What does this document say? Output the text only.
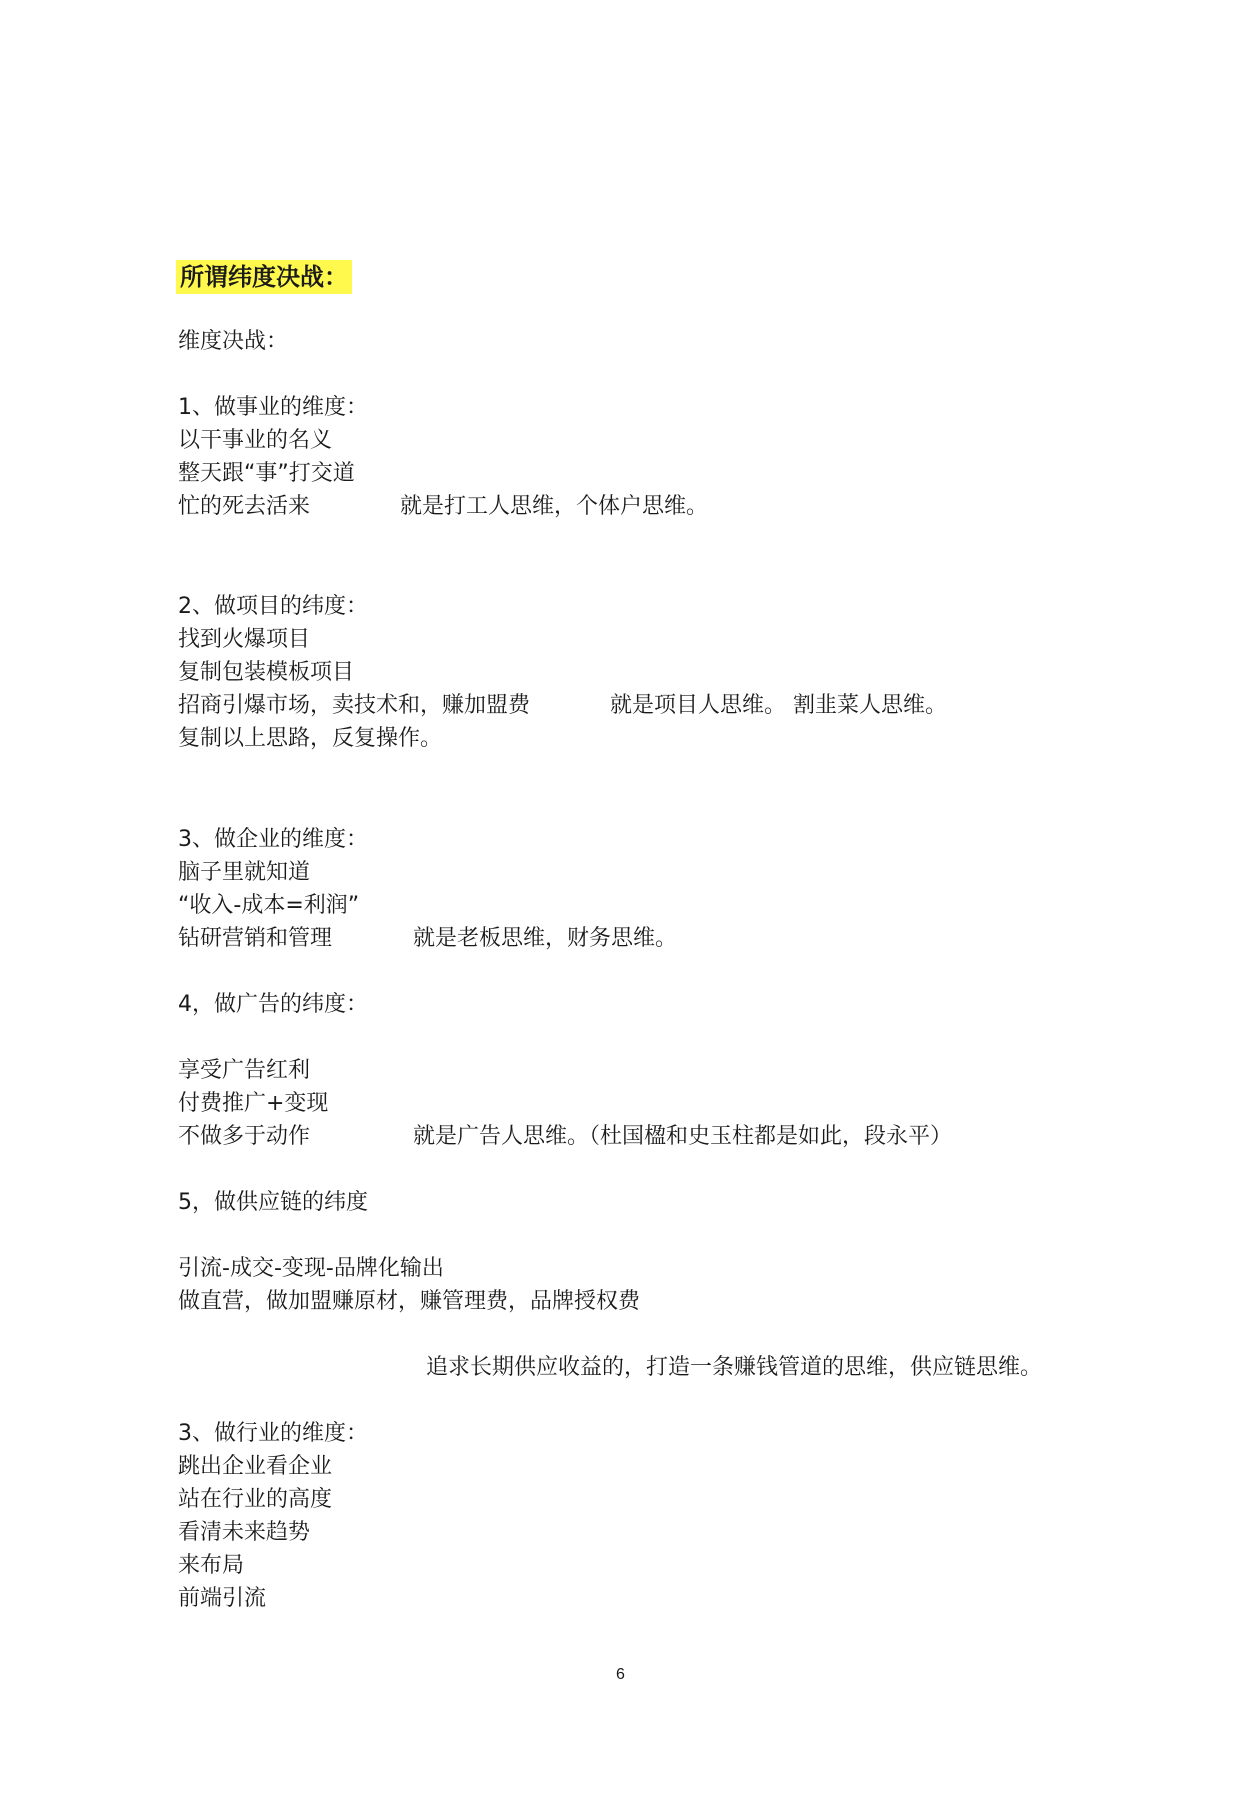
所谓纬度决战：
维度决战：
1、做事业的维度：
以干事业的名义
整天跟“事”打交道
忙的死去活来	就是打工人思维，个体户思维。
2、做项目的纬度：
找到火爆项目
复制包装模板项目
招商引爆市场，卖技术和，赚加盟费	就是项目人思维。 割韭菜人思维。
复制以上思路，反复操作。
3、做企业的维度：
脑子里就知道
“收入-成本=利润”
钻研营销和管理	就是老板思维，财务思维。
4，做广告的纬度：
享受广告红利
付费推广+变现
不做多于动作	就是广告人思维。（杜国楹和史玉柱都是如此，段永平）
5，做供应链的纬度
引流-成交-变现-品牌化输出
做直营，做加盟赚原材，赚管理费，品牌授权费
追求长期供应收益的，打造一条赚钱管道的思维，供应链思维。
3、做行业的维度：
跳出企业看企业
站在行业的高度
看清未来趋势
来布局
前端引流
6
